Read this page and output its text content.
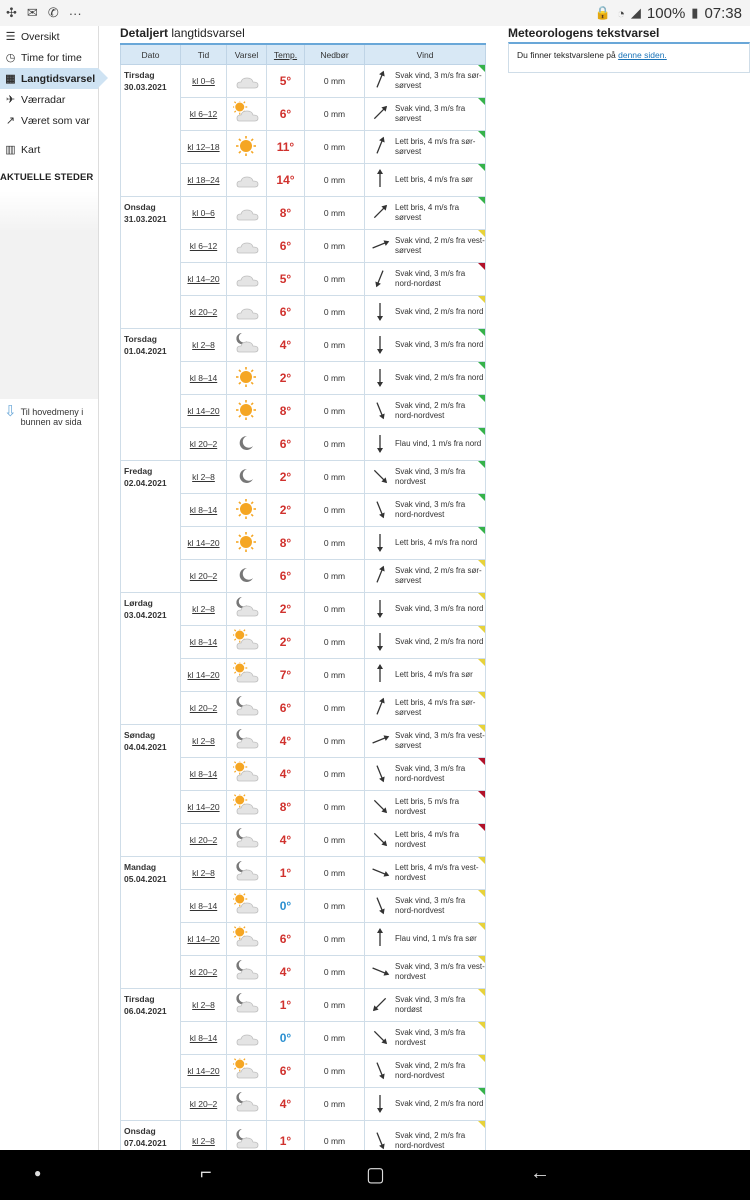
✣ ✉ ✆ ···	🔒 ◔ ◢ 100% ▮ 07:38
☰ Oversikt
◷ Time for time
▦ Langtidsvarsel
✈ Værradar
↗ Været som var
▥ Kart
AKTUELLE STEDER
⇩ Til hovedmeny i bunnen av sida
Detaljert langtidsvarsel
Dato	Tid	Varsel	Temp.	Nedbør	Vind

Tirsdag
30.03.2021	kl 0–6		5°	0 mm	Svak vind, 3 m/s fra sør-sørvest

	kl 6–12		6°	0 mm	Svak vind, 3 m/s fra sørvest

	kl 12–18		11°	0 mm	Lett bris, 4 m/s fra sør-sørvest

	kl 18–24		14°	0 mm	Lett bris, 4 m/s fra sør

Onsdag
31.03.2021	kl 0–6		8°	0 mm	Lett bris, 4 m/s fra sørvest

	kl 6–12		6°	0 mm	Svak vind, 2 m/s fra vest-sørvest

	kl 14–20		5°	0 mm	Svak vind, 3 m/s fra nord-nordøst

	kl 20–2		6°	0 mm	Svak vind, 2 m/s fra nord

Torsdag
01.04.2021	kl 2–8		4°	0 mm	Svak vind, 3 m/s fra nord

	kl 8–14		2°	0 mm	Svak vind, 2 m/s fra nord

	kl 14–20		8°	0 mm	Svak vind, 2 m/s fra nord-nordvest

	kl 20–2		6°	0 mm	Flau vind, 1 m/s fra nord

Fredag
02.04.2021	kl 2–8		2°	0 mm	Svak vind, 3 m/s fra nordvest

	kl 8–14		2°	0 mm	Svak vind, 3 m/s fra nord-nordvest

	kl 14–20		8°	0 mm	Lett bris, 4 m/s fra nord

	kl 20–2		6°	0 mm	Svak vind, 2 m/s fra sør-sørvest

Lørdag
03.04.2021	kl 2–8		2°	0 mm	Svak vind, 3 m/s fra nord

	kl 8–14		2°	0 mm	Svak vind, 2 m/s fra nord

	kl 14–20		7°	0 mm	Lett bris, 4 m/s fra sør

	kl 20–2		6°	0 mm	Lett bris, 4 m/s fra sør-sørvest

Søndag
04.04.2021	kl 2–8		4°	0 mm	Svak vind, 3 m/s fra vest-sørvest

	kl 8–14		4°	0 mm	Svak vind, 3 m/s fra nord-nordvest

	kl 14–20		8°	0 mm	Lett bris, 5 m/s fra nordvest

	kl 20–2		4°	0 mm	Lett bris, 4 m/s fra nordvest

Mandag
05.04.2021	kl 2–8		1°	0 mm	Lett bris, 4 m/s fra vest-nordvest

	kl 8–14		0°	0 mm	Svak vind, 3 m/s fra nord-nordvest

	kl 14–20		6°	0 mm	Flau vind, 1 m/s fra sør

	kl 20–2		4°	0 mm	Svak vind, 3 m/s fra vest-nordvest

Tirsdag
06.04.2021	kl 2–8		1°	0 mm	Svak vind, 3 m/s fra nordøst

	kl 8–14		0°	0 mm	Svak vind, 3 m/s fra nordvest

	kl 14–20		6°	0 mm	Svak vind, 2 m/s fra nord-nordvest

	kl 20–2		4°	0 mm	Svak vind, 2 m/s fra nord

Onsdag
07.04.2021	kl 2–8		1°	0 mm	Svak vind, 2 m/s fra nord-nordvest
Meteorologens tekstvarsel
Du finner tekstvarslene på denne siden.
●	⌐	▢	←
